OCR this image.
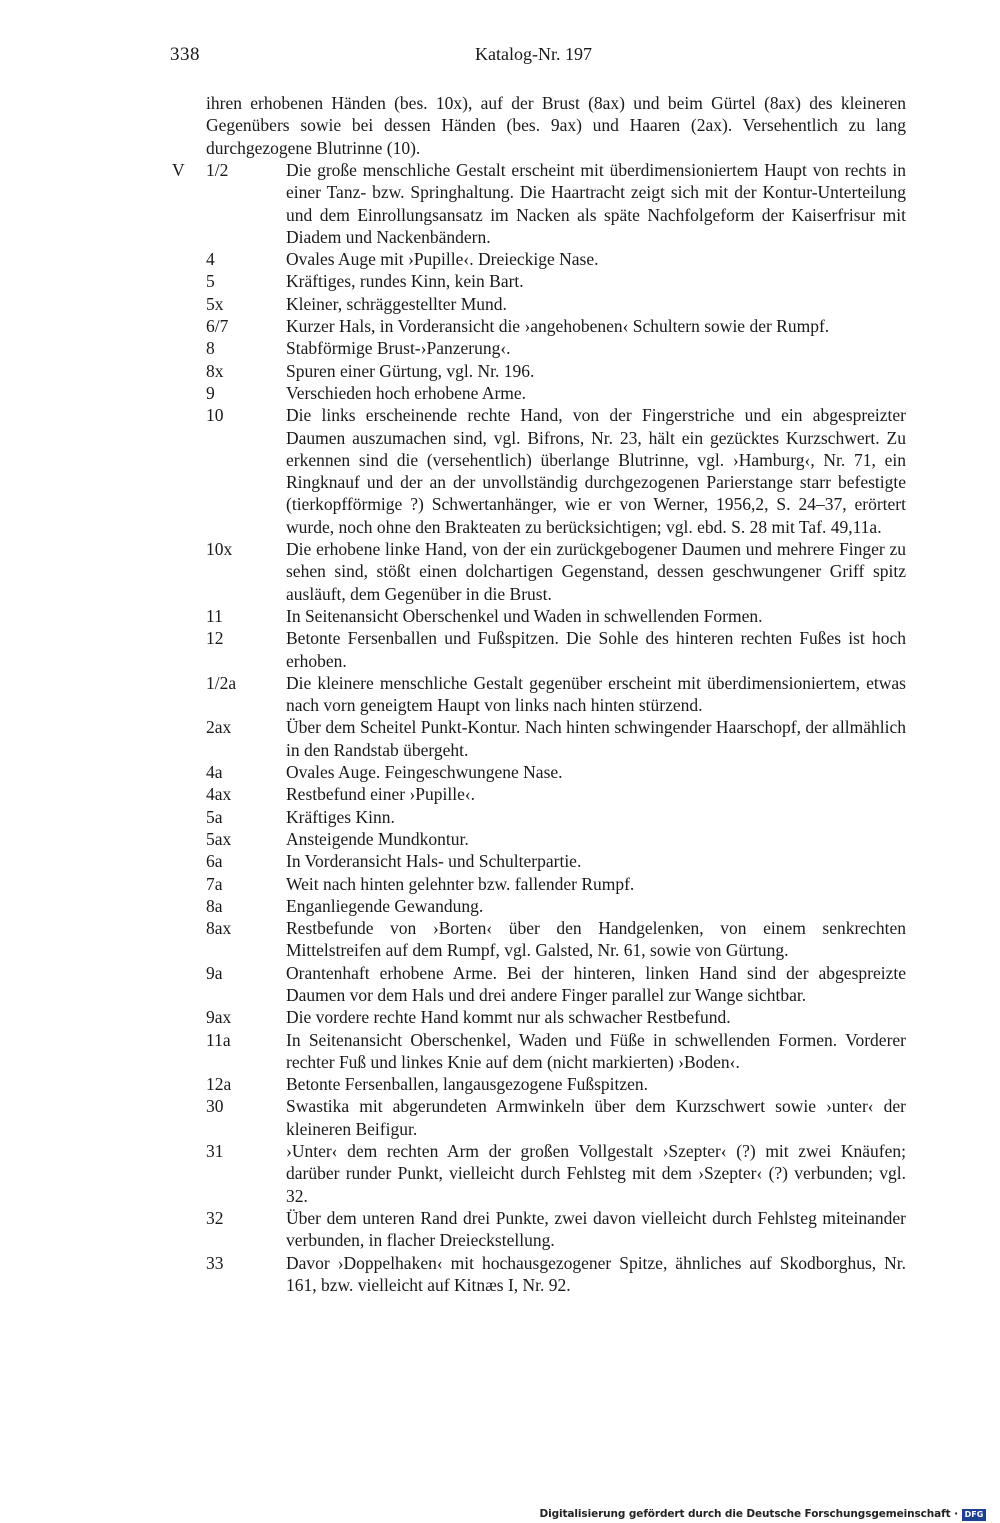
338	Katalog-Nr. 197

ihren erhobenen Händen (bes. 10x), auf der Brust (8ax) und beim Gürtel (8ax) des kleineren Gegenübers sowie bei dessen Händen (bes. 9ax) und Haaren (2ax). Versehentlich zu lang durchgezogene Blutrinne (10).

V 1/2	Die große menschliche Gestalt erscheint mit überdimensioniertem Haupt von rechts in einer Tanz- bzw. Springhaltung. Die Haartracht zeigt sich mit der Kontur-Unterteilung und dem Einrollungsansatz im Nacken als späte Nachfolgeform der Kaiserfrisur mit Diadem und Nackenbändern.
4	Ovales Auge mit ›Pupille‹. Dreieckige Nase.
5	Kräftiges, rundes Kinn, kein Bart.
5x	Kleiner, schräggestellter Mund.
6/7	Kurzer Hals, in Vorderansicht die ›angehobenen‹ Schultern sowie der Rumpf.
8	Stabförmige Brust-›Panzerung‹.
8x	Spuren einer Gürtung, vgl. Nr. 196.
9	Verschieden hoch erhobene Arme.
10	Die links erscheinende rechte Hand, von der Fingerstriche und ein abgespreizter Daumen auszumachen sind, vgl. Bifrons, Nr. 23, hält ein gezücktes Kurzschwert. Zu erkennen sind die (versehentlich) überlange Blutrinne, vgl. ›Hamburg‹, Nr. 71, ein Ringknauf und der an der unvollständig durchgezogenen Parierstange starr befestigte (tierkopfförmige ?) Schwertanhänger, wie er von Werner, 1956,2, S. 24–37, erörtert wurde, noch ohne den Brakteaten zu berücksichtigen; vgl. ebd. S. 28 mit Taf. 49,11a.
10x	Die erhobene linke Hand, von der ein zurückgebogener Daumen und mehrere Finger zu sehen sind, stößt einen dolchartigen Gegenstand, dessen geschwungener Griff spitz ausläuft, dem Gegenüber in die Brust.
11	In Seitenansicht Oberschenkel und Waden in schwellenden Formen.
12	Betonte Fersenballen und Fußspitzen. Die Sohle des hinteren rechten Fußes ist hoch erhoben.
1/2a	Die kleinere menschliche Gestalt gegenüber erscheint mit überdimensioniertem, etwas nach vorn geneigtem Haupt von links nach hinten stürzend.
2ax	Über dem Scheitel Punkt-Kontur. Nach hinten schwingender Haarschopf, der allmählich in den Randstab übergeht.
4a	Ovales Auge. Feingeschwungene Nase.
4ax	Restbefund einer ›Pupille‹.
5a	Kräftiges Kinn.
5ax	Ansteigende Mundkontur.
6a	In Vorderansicht Hals- und Schulterpartie.
7a	Weit nach hinten gelehnter bzw. fallender Rumpf.
8a	Enganliegende Gewandung.
8ax	Restbefunde von ›Borten‹ über den Handgelenken, von einem senkrechten Mittelstreifen auf dem Rumpf, vgl. Galsted, Nr. 61, sowie von Gürtung.
9a	Orantenhaft erhobene Arme. Bei der hinteren, linken Hand sind der abgespreizte Daumen vor dem Hals und drei andere Finger parallel zur Wange sichtbar.
9ax	Die vordere rechte Hand kommt nur als schwacher Restbefund.
11a	In Seitenansicht Oberschenkel, Waden und Füße in schwellenden Formen. Vorderer rechter Fuß und linkes Knie auf dem (nicht markierten) ›Boden‹.
12a	Betonte Fersenballen, langausgezogene Fußspitzen.
30	Swastika mit abgerundeten Armwinkeln über dem Kurzschwert sowie ›unter‹ der kleineren Beifigur.
31	›Unter‹ dem rechten Arm der großen Vollgestalt ›Szepter‹ (?) mit zwei Knäufen; darüber runder Punkt, vielleicht durch Fehlsteg mit dem ›Szepter‹ (?) verbunden; vgl. 32.
32	Über dem unteren Rand drei Punkte, zwei davon vielleicht durch Fehlsteg miteinander verbunden, in flacher Dreieckstellung.
33	Davor ›Doppelhaken‹ mit hochausgezogener Spitze, ähnliches auf Skodborghus, Nr. 161, bzw. vielleicht auf Kitnæs I, Nr. 92.
Digitalisierung gefördert durch die Deutsche Forschungsgemeinschaft · DFG
